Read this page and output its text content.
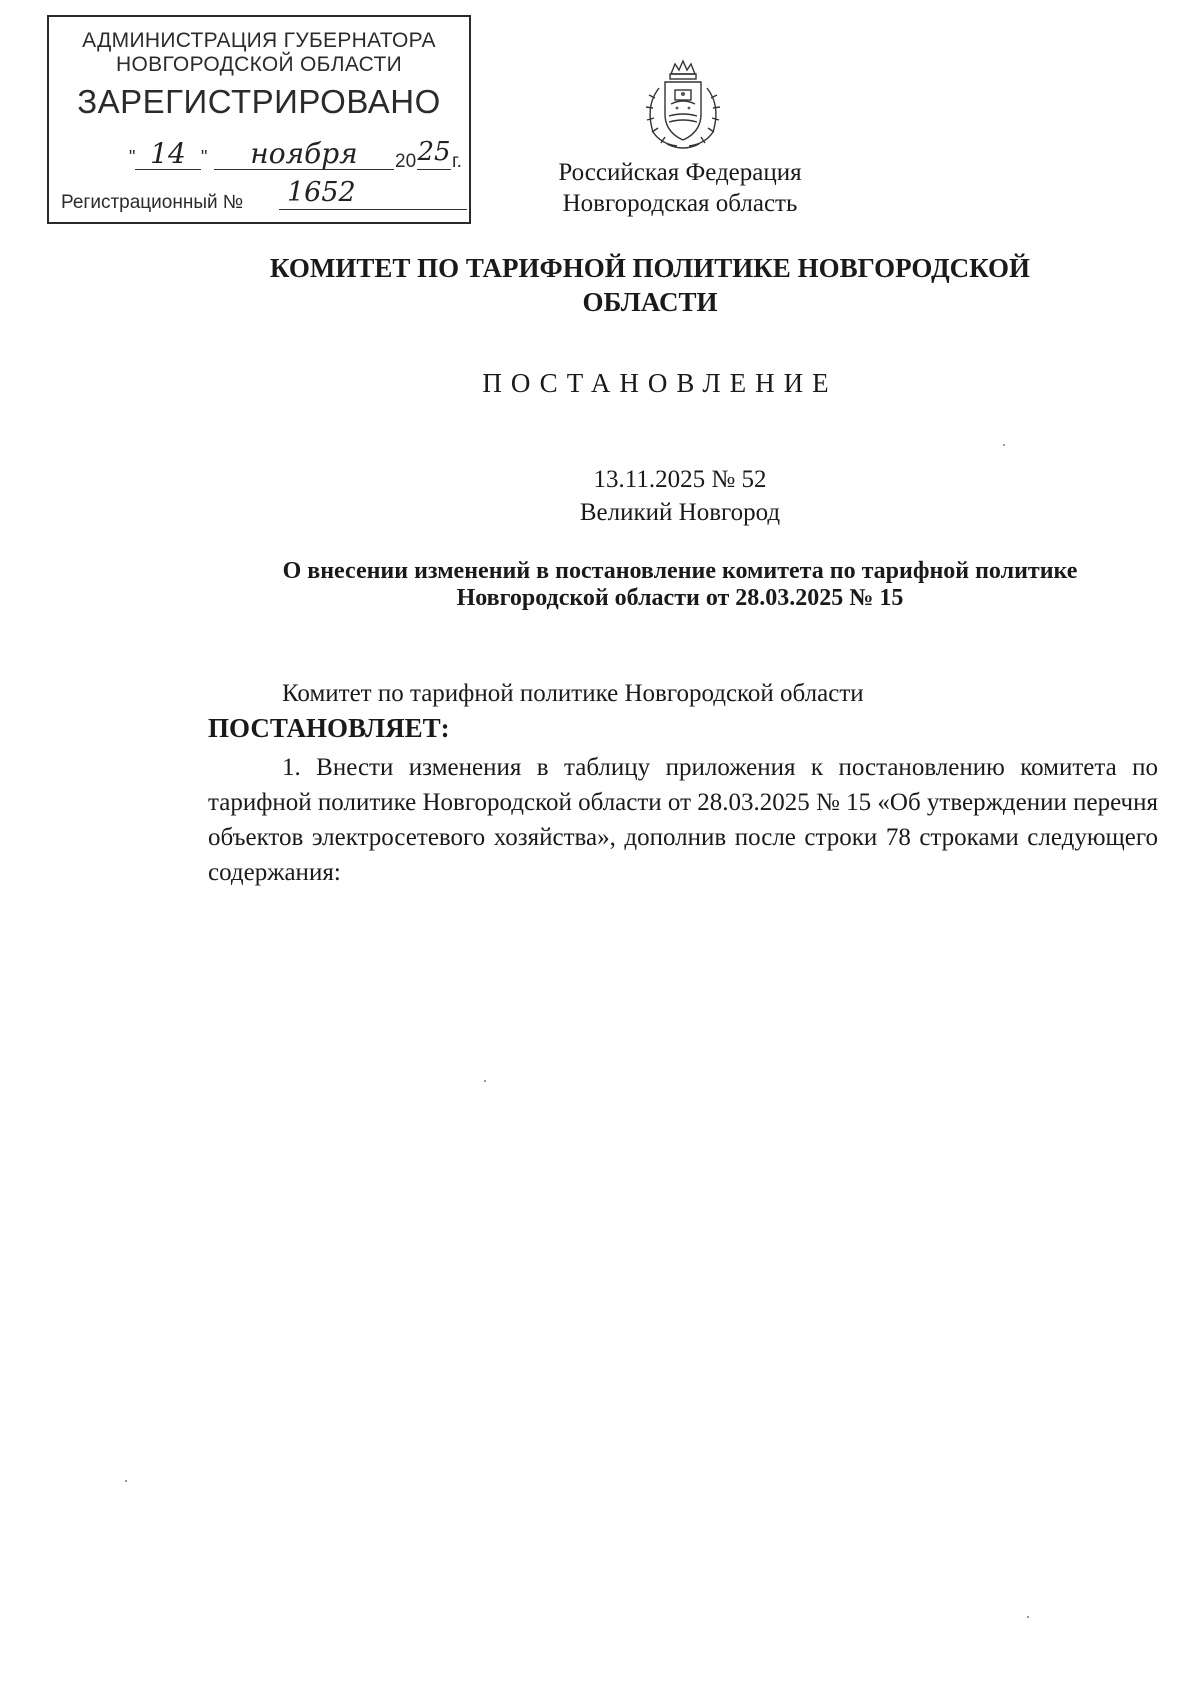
АДМИНИСТРАЦИЯ ГУБЕРНАТОРА
НОВГОРОДСКОЙ ОБЛАСТИ
ЗАРЕГИСТРИРОВАНО
" 14 "	ноября	20 25 г.
Регистрационный № 1652
Российская Федерация
Новгородская область
КОМИТЕТ ПО ТАРИФНОЙ ПОЛИТИКЕ НОВГОРОДСКОЙ
ОБЛАСТИ
ПОСТАНОВЛЕНИЕ
13.11.2025 № 52
Великий Новгород
О внесении изменений в постановление комитета по тарифной политике
Новгородской области от 28.03.2025 № 15
Комитет по тарифной политике Новгородской области
ПОСТАНОВЛЯЕТ:
1. Внести изменения в таблицу приложения к постановлению комитета по тарифной политике Новгородской области от 28.03.2025 № 15 «Об утверждении перечня объектов электросетевого хозяйства», дополнив после строки 78 строками следующего содержания:
